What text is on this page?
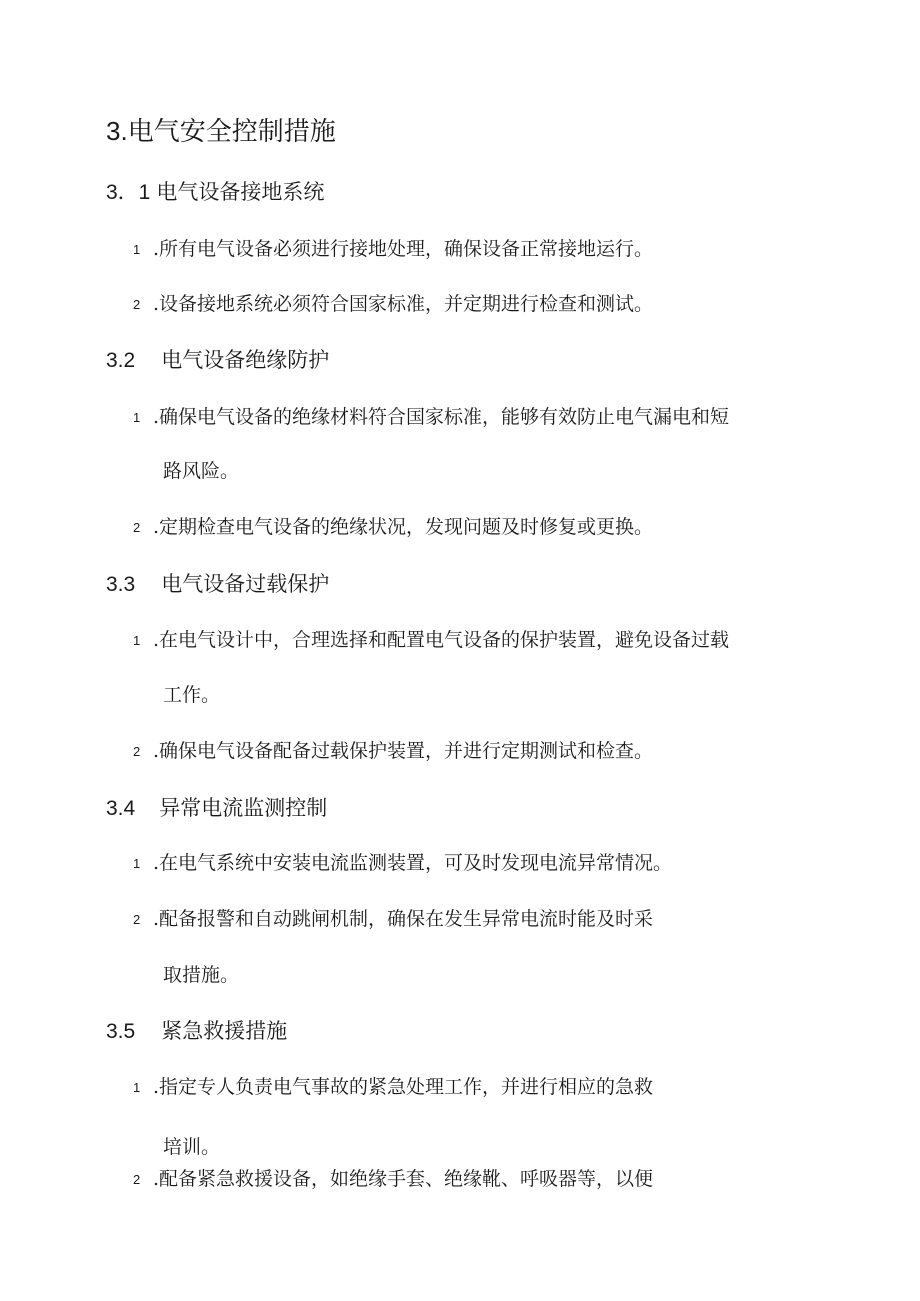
3.电气安全控制措施
3．1 电气设备接地系统
1 .所有电气设备必须进行接地处理，确保设备正常接地运行。
2 .设备接地系统必须符合国家标准，并定期进行检查和测试。
3.2 电气设备绝缘防护
1 .确保电气设备的绝缘材料符合国家标准，能够有效防止电气漏电和短
路风险。
2 .定期检查电气设备的绝缘状况，发现问题及时修复或更换。
3.3 电气设备过载保护
1 .在电气设计中，合理选择和配置电气设备的保护装置，避免设备过载
工作。
2 .确保电气设备配备过载保护装置，并进行定期测试和检查。
3.4 异常电流监测控制
1 .在电气系统中安装电流监测装置，可及时发现电流异常情况。
2 .配备报警和自动跳闸机制，确保在发生异常电流时能及时采
取措施。
3.5 紧急救援措施
1 .指定专人负责电气事故的紧急处理工作，并进行相应的急救
培训。
2 .配备紧急救援设备，如绝缘手套、绝缘靴、呼吸器等，以便
